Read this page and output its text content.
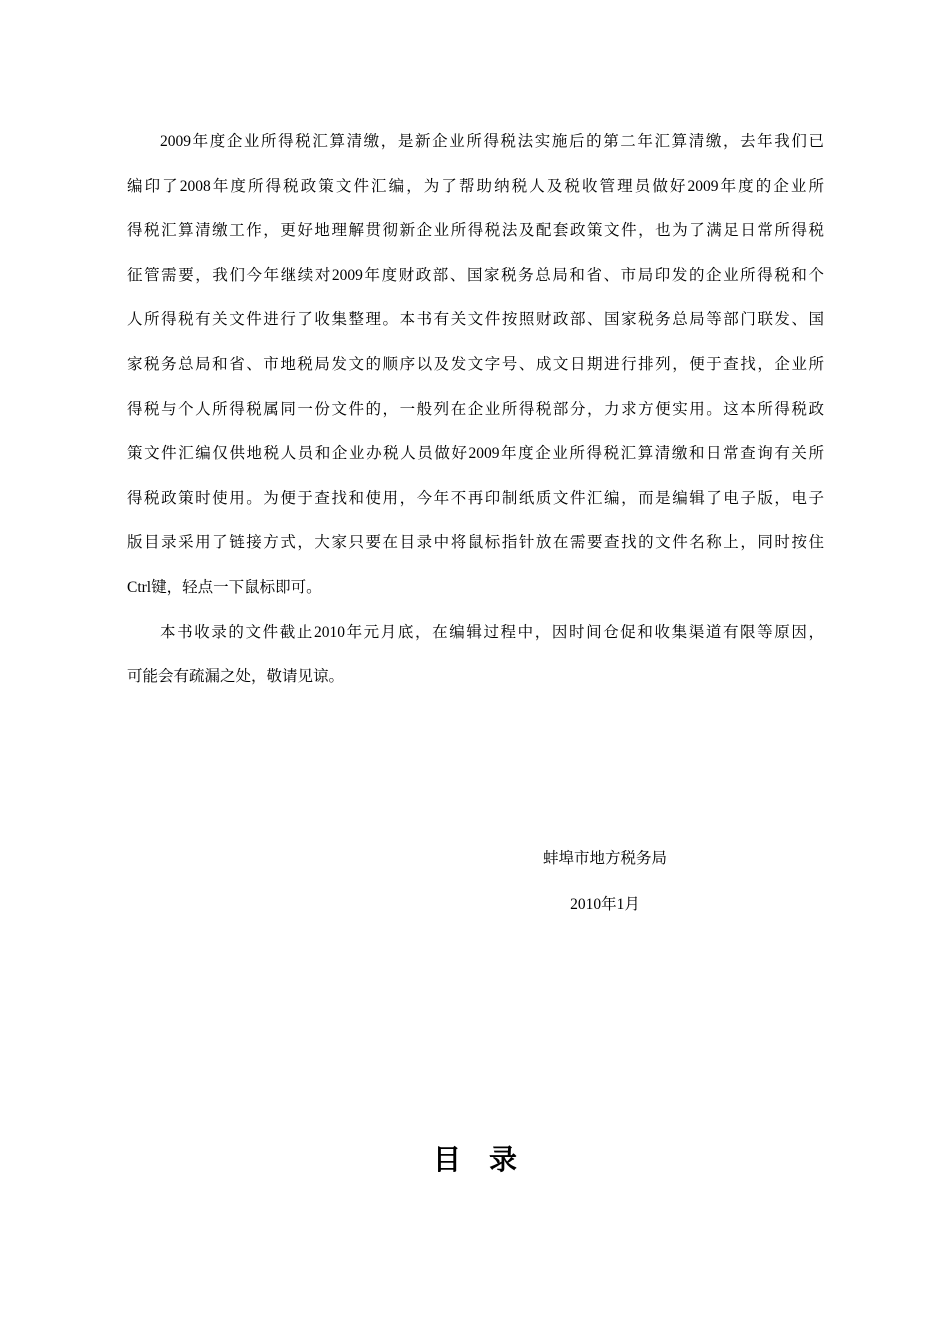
2009年度企业所得税汇算清缴，是新企业所得税法实施后的第二年汇算清缴，去年我们已
编印了2008年度所得税政策文件汇编，为了帮助纳税人及税收管理员做好2009年度的企业所
得税汇算清缴工作，更好地理解贯彻新企业所得税法及配套政策文件，也为了满足日常所得税
征管需要，我们今年继续对2009年度财政部、国家税务总局和省、市局印发的企业所得税和个
人所得税有关文件进行了收集整理。本书有关文件按照财政部、国家税务总局等部门联发、国
家税务总局和省、市地税局发文的顺序以及发文字号、成文日期进行排列，便于查找，企业所
得税与个人所得税属同一份文件的，一般列在企业所得税部分，力求方便实用。这本所得税政
策文件汇编仅供地税人员和企业办税人员做好2009年度企业所得税汇算清缴和日常查询有关所
得税政策时使用。为便于查找和使用，今年不再印制纸质文件汇编，而是编辑了电子版，电子
版目录采用了链接方式，大家只要在目录中将鼠标指针放在需要查找的文件名称上，同时按住
Ctrl键，轻点一下鼠标即可。

本书收录的文件截止2010年元月底，在编辑过程中，因时间仓促和收集渠道有限等原因，
可能会有疏漏之处，敬请见谅。

蚌埠市地方税务局
2010年1月
目录
